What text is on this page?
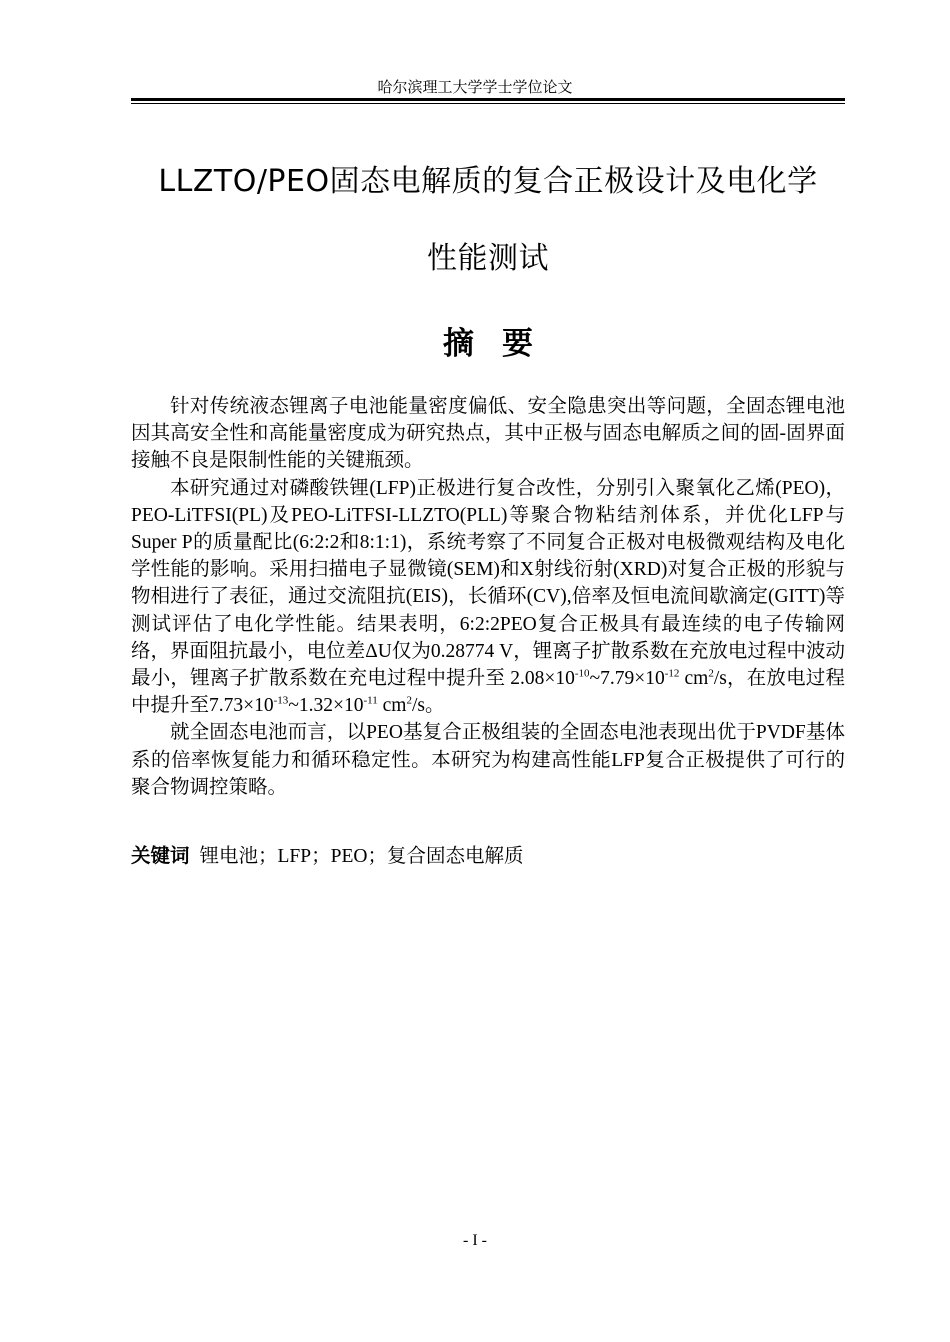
哈尔滨理工大学学士学位论文
LLZTO/PEO固态电解质的复合正极设计及电化学
性能测试
摘要

针对传统液态锂离子电池能量密度偏低、安全隐患突出等问题，全固态锂电池因其高安全性和高能量密度成为研究热点，其中正极与固态电解质之间的固-固界面接触不良是限制性能的关键瓶颈。

本研究通过对磷酸铁锂(LFP)正极进行复合改性，分别引入聚氧化乙烯(PEO)，PEO-LiTFSI(PL)及PEO-LiTFSI-LLZTO(PLL)等聚合物粘结剂体系，并优化LFP与Super P的质量配比(6:2:2和8:1:1)，系统考察了不同复合正极对电极微观结构及电化学性能的影响。采用扫描电子显微镜(SEM)和X射线衍射(XRD)对复合正极的形貌与物相进行了表征，通过交流阻抗(EIS)，长循环(CV),倍率及恒电流间歇滴定(GITT)等测试评估了电化学性能。结果表明，6:2:2PEO复合正极具有最连续的电子传输网络，界面阻抗最小，电位差ΔU仅为0.28774 V，锂离子扩散系数在充放电过程中波动最小，锂离子扩散系数在充电过程中提升至 $2.08\times 10^{-10}\sim 7.79\times 10^{-12}$ $cm^2/s$，在放电过程中提升至$7.73\times 10^{-13}\sim 1.32\times 10^{-11}$ $cm^2/s$。

就全固态电池而言，以PEO基复合正极组装的全固态电池表现出优于PVDF基体系的倍率恢复能力和循环稳定性。本研究为构建高性能LFP复合正极提供了可行的聚合物调控策略。

关键词 锂电池；LFP；PEO；复合固态电解质
- I -
